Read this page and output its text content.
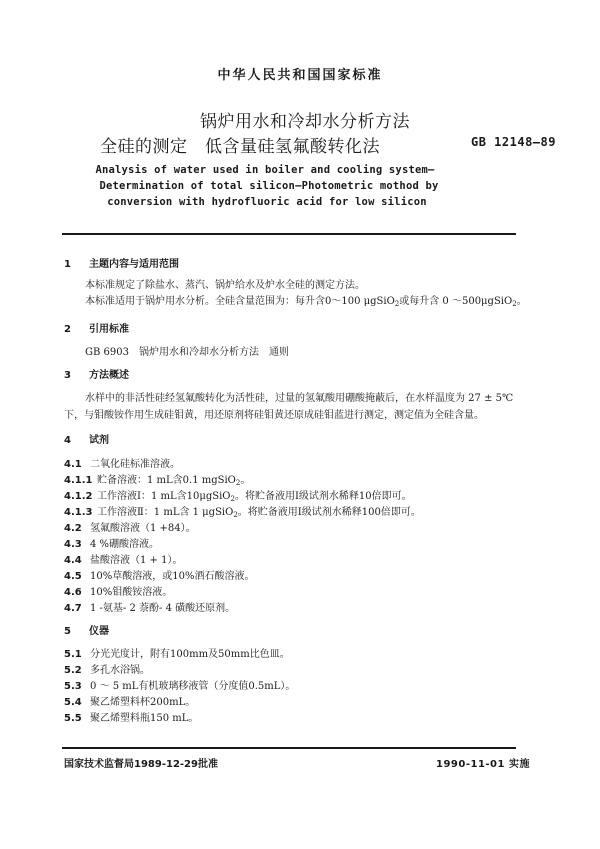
中华人民共和国国家标准
锅炉用水和冷却水分析方法
全硅的测定　低含量硅氢氟酸转化法	GB 12148—89
Analysis of water used in boiler and cooling system—
Determination of total silicon—Photometric mothod by
conversion with hydrofluoric acid for low silicon
1 主题内容与适用范围
本标准规定了除盐水、蒸汽、锅炉给水及炉水全硅的测定方法。
本标准适用于锅炉用水分析。全硅含量范围为：每升含0～100 μgSiO$_2$或每升含 0 ～500μgSiO$_2$。
2 引用标准
GB 6903　锅炉用水和冷却水分析方法　通则
3 方法概述
水样中的非活性硅经氢氟酸转化为活性硅，过量的氢氟酸用硼酸掩蔽后，在水样温度为 27 ± 5℃
下，与钼酸铵作用生成硅钼黄，用还原剂将硅钼黄还原成硅钼蓝进行测定，测定值为全硅含量。
4 试剂
4.1 二氧化硅标准溶液。
4.1.1 贮备溶液：1 mL含0.1 mgSiO$_2$。
4.1.2 工作溶液Ⅰ：1 mL含10μgSiO$_2$。将贮备液用Ⅰ级试剂水稀释10倍即可。
4.1.3 工作溶液Ⅱ：1 mL含 1 μgSiO$_2$。将贮备液用Ⅰ级试剂水稀释100倍即可。
4.2 氢氟酸溶液（1 +84）。
4.3 4 %硼酸溶液。
4.4 盐酸溶液（1 + 1）。
4.5 10%草酸溶液，或10%酒石酸溶液。
4.6 10%钼酸铵溶液。
4.7 1 -氨基- 2 萘酚- 4 磺酸还原剂。
5 仪器
5.1 分光光度计，附有100mm及50mm比色皿。
5.2 多孔水浴锅。
5.3 0 ～ 5 mL有机玻璃移液管（分度值0.5mL）。
5.4 聚乙烯塑料杯200mL。
5.5 聚乙烯塑料瓶150 mL。
国家技术监督局1989-12-29批准	1990-11-01 实施
